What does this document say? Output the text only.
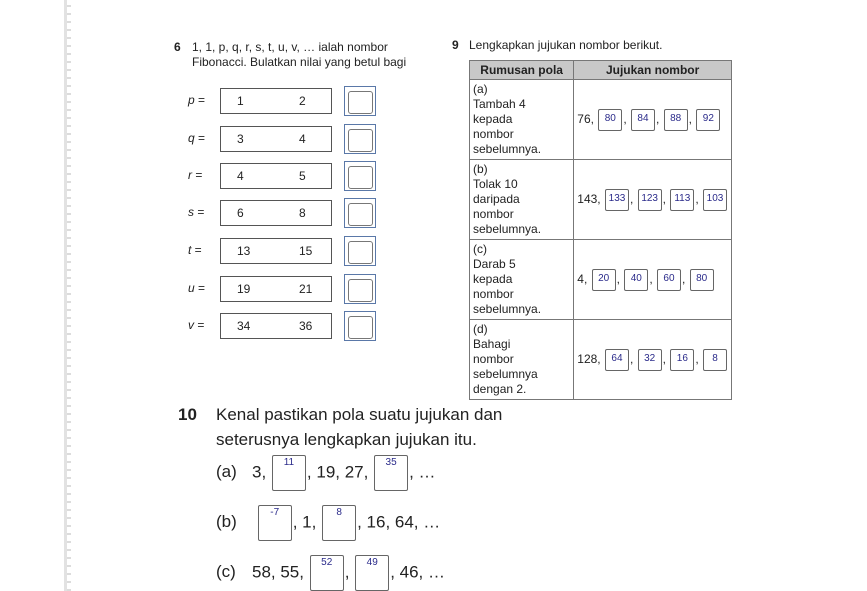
6 1, 1, p, q, r, s, t, u, v, … ialah nombor
Fibonacci. Bulatkan nilai yang betul bagi
p =	1	2
q =	3	4
r =	4	5
s =	6	8
t =	13	15
u =	19	21
v =	34	36
9 Lengkapkan jujukan nombor berikut.
Rumusan pola	Jujukan nombor
(a)Tambah 4 kepada nombor sebelumnya.	76,	80 , 84 , 88 , 92

(b)Tolak 10 daripada nombor sebelumnya.	143, 133 , 123 , 113 , 103

(c)Darab 5 kepada nombor sebelumnya.	4,	20 , 40 , 60 , 80

(d)Bahagi nombor sebelumnya dengan 2.	128,	64 , 32 , 16 ,	8
10 Kenal pastikan pola suatu jujukan dan
seterusnya lengkapkan jujukan itu.
(a) 3,	11 , 19, 27,	35 , …
(b)	-7 , 1,	8 , 16, 64, …
(c) 58, 55,	52 ,	49 , 46, …
